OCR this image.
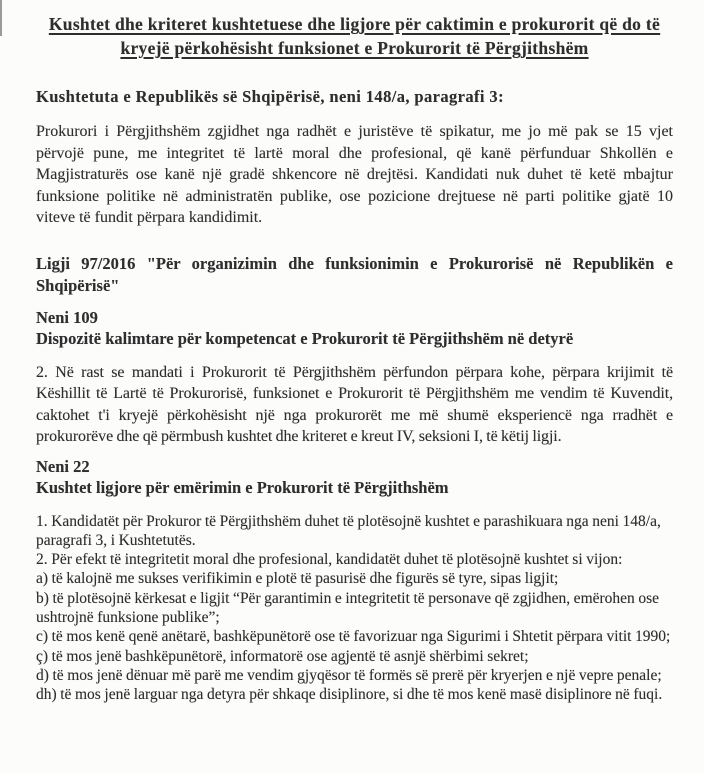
Kushtet dhe kriteret kushtetuese dhe ligjore për caktimin e prokurorit që do të kryejë përkohësisht funksionet e Prokurorit të Përgjithshëm
Kushtetuta e Republikës së Shqipërisë, neni 148/a, paragrafi 3:

Prokurori i Përgjithshëm zgjidhet nga radhët e juristëve të spikatur, me jo më pak se 15 vjet përvojë pune, me integritet të lartë moral dhe profesional, që kanë përfunduar Shkollën e Magjistraturës ose kanë një gradë shkencore në drejtësi. Kandidati nuk duhet të ketë mbajtur funksione politike në administratën publike, ose pozicione drejtuese në parti politike gjatë 10 viteve të fundit përpara kandidimit.

Ligji 97/2016 "Për organizimin dhe funksionimin e Prokurorisë në Republikën e Shqipërisë"
Neni 109
Dispozitë kalimtare për kompetencat e Prokurorit të Përgjithshëm në detyrë

2. Në rast se mandati i Prokurorit të Përgjithshëm përfundon përpara kohe, përpara krijimit të Këshillit të Lartë të Prokurorisë, funksionet e Prokurorit të Përgjithshëm me vendim të Kuvendit, caktohet t'i kryejë përkohësisht një nga prokurorët me më shumë eksperiencë nga rradhët e prokurorëve dhe që përmbush kushtet dhe kriteret e kreut IV, seksioni I, të këtij ligji.

Neni 22
Kushtet ligjore për emërimin e Prokurorit të Përgjithshëm

1. Kandidatët për Prokuror të Përgjithshëm duhet të plotësojnë kushtet e parashikuara nga neni 148/a, paragrafi 3, i Kushtetutës.

2. Për efekt të integritetit moral dhe profesional, kandidatët duhet të plotësojnë kushtet si vijon:

a) të kalojnë me sukses verifikimin e plotë të pasurisë dhe figurës së tyre, sipas ligjit;

b) të plotësojnë kërkesat e ligjit “Për garantimin e integritetit të personave që zgjidhen, emërohen ose ushtrojnë funksione publike”;

c) të mos kenë qenë anëtarë, bashkëpunëtorë ose të favorizuar nga Sigurimi i Shtetit përpara vitit 1990;

ç) të mos jenë bashkëpunëtorë, informatorë ose agjentë të asnjë shërbimi sekret;

d) të mos jenë dënuar më parë me vendim gjyqësor të formës së prerë për kryerjen e një vepre penale;

dh) të mos jenë larguar nga detyra për shkaqe disiplinore, si dhe të mos kenë masë disiplinore në fuqi.
